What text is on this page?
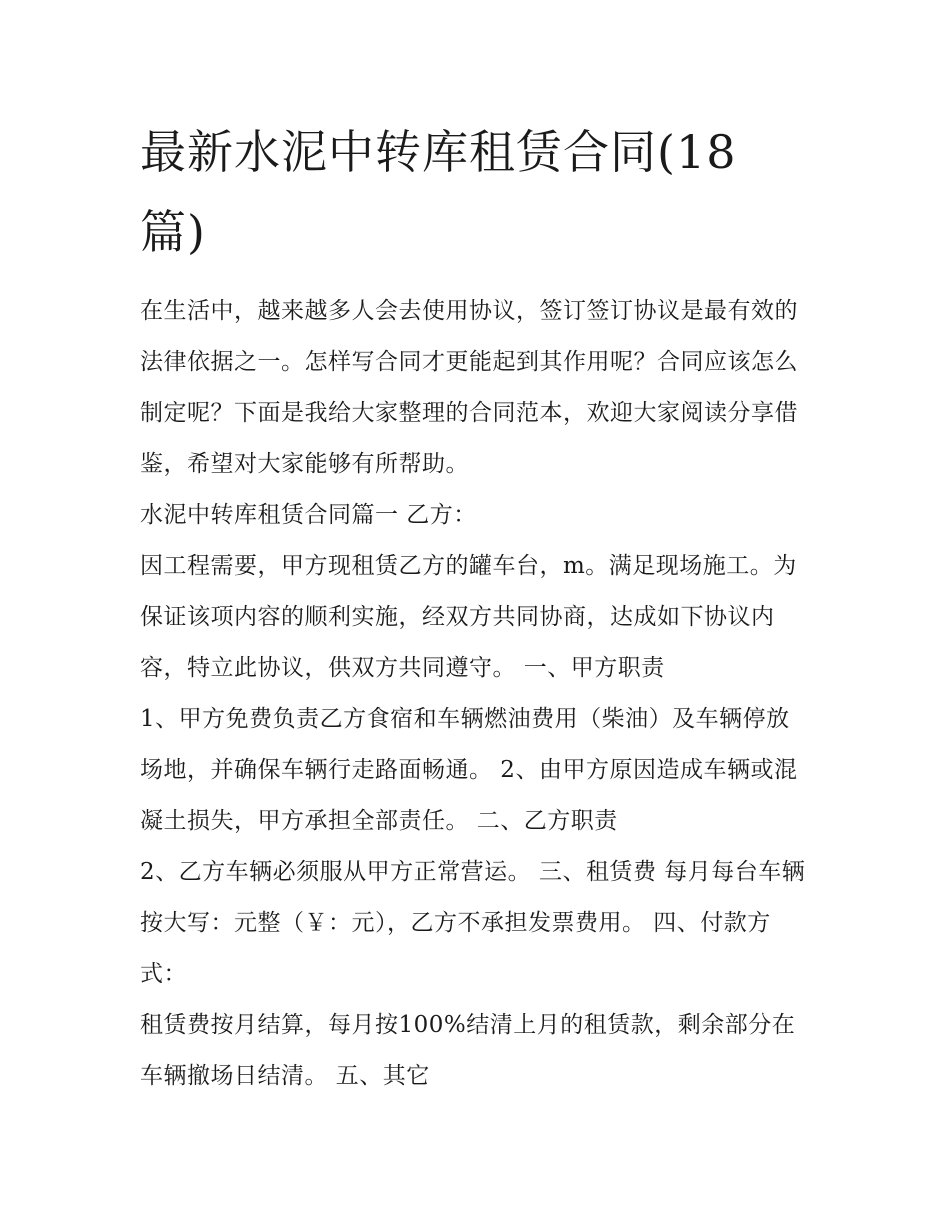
最新水泥中转库租赁合同(18篇)

在生活中，越来越多人会去使用协议，签订签订协议是最有效的法律依据之一。怎样写合同才更能起到其作用呢？合同应该怎么制定呢？下面是我给大家整理的合同范本，欢迎大家阅读分享借鉴，希望对大家能够有所帮助。

水泥中转库租赁合同篇一 乙方：

因工程需要，甲方现租赁乙方的罐车台，m。满足现场施工。为保证该项内容的顺利实施，经双方共同协商，达成如下协议内容，特立此协议，供双方共同遵守。 一、甲方职责

1、甲方免费负责乙方食宿和车辆燃油费用（柴油）及车辆停放场地，并确保车辆行走路面畅通。 2、由甲方原因造成车辆或混凝土损失，甲方承担全部责任。 二、乙方职责

2、乙方车辆必须服从甲方正常营运。 三、租赁费 每月每台车辆按大写：元整（￥：元），乙方不承担发票费用。 四、付款方式：

租赁费按月结算，每月按100%结清上月的租赁款，剩余部分在车辆撤场日结清。 五、其它
